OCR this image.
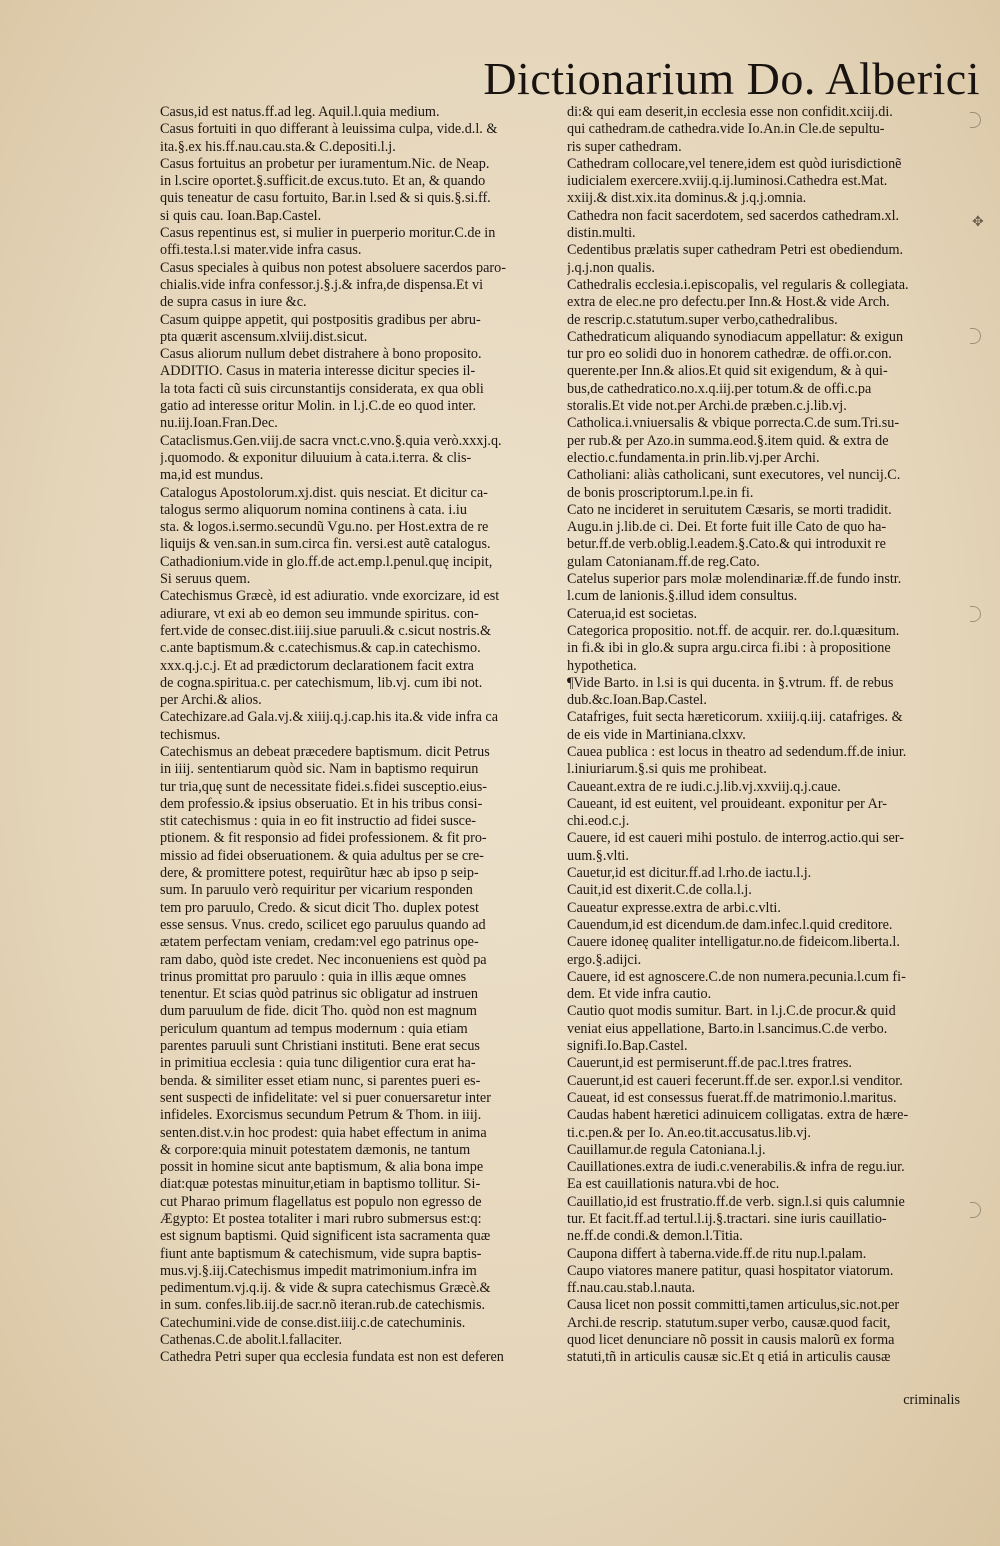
Dictionarium Do. Alberici
Casus,id est natus.ff.ad leg. Aquil.l.quia medium.
Casus fortuiti in quo differant à leuissima culpa, vide.d.l. &
ita.§.ex his.ff.nau.cau.sta.& C.depositi.l.j.
Casus fortuitus an probetur per iuramentum.Nic. de Neap.
in l.scire oportet.§.sufficit.de excus.tuto. Et an, & quando
quis teneatur de casu fortuito, Bar.in l.sed & si quis.§.si.ff.
si quis cau. Ioan.Bap.Castel.
Casus repentinus est, si mulier in puerperio moritur.C.de in
offi.testa.l.si mater.vide infra casus.
Casus speciales à quibus non potest absoluere sacerdos paro-
chialis.vide infra confessor.j.§.j.& infra,de dispensa.Et vi
de supra casus in iure &c.
Casum quippe appetit, qui postpositis gradibus per abru-
pta quærit ascensum.xlviij.dist.sicut.
Casus aliorum nullum debet distrahere à bono proposito.
ADDITIO. Casus in materia interesse dicitur species il-
la tota facti cũ suis circunstantijs considerata, ex qua obli
gatio ad interesse oritur Molin. in l.j.C.de eo quod inter.
nu.iij.Ioan.Fran.Dec.
Cataclismus.Gen.viij.de sacra vnct.c.vno.§.quia verò.xxxj.q.
j.quomodo. & exponitur diluuium à cata.i.terra. & clis-
ma,id est mundus.
Catalogus Apostolorum.xj.dist. quis nesciat. Et dicitur ca-
talogus sermo aliquorum nomina continens à cata. i.iu
sta. & logos.i.sermo.secundũ Vgu.no. per Host.extra de re
liquijs & ven.san.in sum.circa fin. versi.est autẽ catalogus.
Cathadionium.vide in glo.ff.de act.emp.l.penul.quę incipit,
Si seruus quem.
Catechismus Græcè, id est adiuratio. vnde exorcizare, id est
adiurare, vt exi ab eo demon seu immunde spiritus. con-
fert.vide de consec.dist.iiij.siue paruuli.& c.sicut nostris.&
c.ante baptismum.& c.catechismus.& cap.in catechismo.
xxx.q.j.c.j. Et ad prædictorum declarationem facit extra
de cogna.spiritua.c. per catechismum, lib.vj. cum ibi not.
per Archi.& alios.
Catechizare.ad Gala.vj.& xiiij.q.j.cap.his ita.& vide infra ca
techismus.
Catechismus an debeat præcedere baptismum. dicit Petrus
in iiij. sententiarum quòd sic. Nam in baptismo requirun
tur tria,quę sunt de necessitate fidei.s.fidei susceptio.eius-
dem professio.& ipsius obseruatio. Et in his tribus consi-
stit catechismus : quia in eo fit instructio ad fidei susce-
ptionem. & fit responsio ad fidei professionem. & fit pro-
missio ad fidei obseruationem. & quia adultus per se cre-
dere, & promittere potest, requirũtur hæc ab ipso p seip-
sum. In paruulo verò requiritur per vicarium responden
tem pro paruulo, Credo. & sicut dicit Tho. duplex potest
esse sensus. Vnus. credo, scilicet ego paruulus quando ad
ætatem perfectam veniam, credam:vel ego patrinus ope-
ram dabo, quòd iste credet. Nec inconueniens est quòd pa
trinus promittat pro paruulo : quia in illis æque omnes
tenentur. Et scias quòd patrinus sic obligatur ad instruen
dum paruulum de fide. dicit Tho. quòd non est magnum
periculum quantum ad tempus modernum : quia etiam
parentes paruuli sunt Christiani instituti. Bene erat secus
in primitiua ecclesia : quia tunc diligentior cura erat ha-
benda. & similiter esset etiam nunc, si parentes pueri es-
sent suspecti de infidelitate: vel si puer conuersaretur inter
infideles. Exorcismus secundum Petrum & Thom. in iiij.
senten.dist.v.in hoc prodest: quia habet effectum in anima
& corpore:quia minuit potestatem dæmonis, ne tantum
possit in homine sicut ante baptismum, & alia bona impe
diat:quæ potestas minuitur,etiam in baptismo tollitur. Si-
cut Pharao primum flagellatus est populo non egresso de
Ægypto: Et postea totaliter i mari rubro submersus est:q:
est signum baptismi. Quid significent ista sacramenta quæ
fiunt ante baptismum & catechismum, vide supra baptis-
mus.vj.§.iij.Catechismus impedit matrimonium.infra im
pedimentum.vj.q.ij. & vide & supra catechismus Græcè.&
in sum. confes.lib.iij.de sacr.nõ iteran.rub.de catechismis.
Catechumini.vide de conse.dist.iiij.c.de catechuminis.
Cathenas.C.de abolit.l.fallaciter.
Cathedra Petri super qua ecclesia fundata est non est deferen
di:& qui eam deserit,in ecclesia esse non confidit.xciij.di.
qui cathedram.de cathedra.vide Io.An.in Cle.de sepultu-
ris super cathedram.
Cathedram collocare,vel tenere,idem est quòd iurisdictionẽ
iudicialem exercere.xviij.q.ij.luminosi.Cathedra est.Mat.
xxiij.& dist.xix.ita dominus.& j.q.j.omnia.
Cathedra non facit sacerdotem, sed sacerdos cathedram.xl.
distin.multi.
Cedentibus prælatis super cathedram Petri est obediendum.
j.q.j.non qualis.
Cathedralis ecclesia.i.episcopalis, vel regularis & collegiata.
extra de elec.ne pro defectu.per Inn.& Host.& vide Arch.
de rescrip.c.statutum.super verbo,cathedralibus.
Cathedraticum aliquando synodiacum appellatur: & exigun
tur pro eo solidi duo in honorem cathedræ. de offi.or.con.
querente.per Inn.& alios.Et quid sit exigendum, & à qui-
bus,de cathedratico.no.x.q.iij.per totum.& de offi.c.pa
storalis.Et vide not.per Archi.de præben.c.j.lib.vj.
Catholica.i.vniuersalis & vbique porrecta.C.de sum.Tri.su-
per rub.& per Azo.in summa.eod.§.item quid. & extra de
electio.c.fundamenta.in prin.lib.vj.per Archi.
Catholiani: aliàs catholicani, sunt executores, vel nuncij.C.
de bonis proscriptorum.l.pe.in fi.
Cato ne incideret in seruitutem Cæsaris, se morti tradidit.
Augu.in j.lib.de ci. Dei. Et forte fuit ille Cato de quo ha-
betur.ff.de verb.oblig.l.eadem.§.Cato.& qui introduxit re
gulam Catonianam.ff.de reg.Cato.
Catelus superior pars molæ molendinariæ.ff.de fundo instr.
l.cum de lanionis.§.illud idem consultus.
Caterua,id est societas.
Categorica propositio. not.ff. de acquir. rer. do.l.quæsitum.
in fi.& ibi in glo.& supra argu.circa fi.ibi : à propositione
hypothetica.
¶Vide Barto. in l.si is qui ducenta. in §.vtrum. ff. de rebus
dub.&c.Ioan.Bap.Castel.
Catafriges, fuit secta hæreticorum. xxiiij.q.iij. catafriges. &
de eis vide in Martiniana.clxxv.
Cauea publica : est locus in theatro ad sedendum.ff.de iniur.
l.iniuriarum.§.si quis me prohibeat.
Caueant.extra de re iudi.c.j.lib.vj.xxviij.q.j.caue.
Caueant, id est euitent, vel prouideant. exponitur per Ar-
chi.eod.c.j.
Cauere, id est caueri mihi postulo. de interrog.actio.qui ser-
uum.§.vlti.
Cauetur,id est dicitur.ff.ad l.rho.de iactu.l.j.
Cauit,id est dixerit.C.de colla.l.j.
Caueatur expresse.extra de arbi.c.vlti.
Cauendum,id est dicendum.de dam.infec.l.quid creditore.
Cauere idoneę qualiter intelligatur.no.de fideicom.liberta.l.
ergo.§.adijci.
Cauere, id est agnoscere.C.de non numera.pecunia.l.cum fi-
dem. Et vide infra cautio.
Cautio quot modis sumitur. Bart. in l.j.C.de procur.& quid
veniat eius appellatione, Barto.in l.sancimus.C.de verbo.
signifi.Io.Bap.Castel.
Cauerunt,id est permiserunt.ff.de pac.l.tres fratres.
Cauerunt,id est caueri fecerunt.ff.de ser. expor.l.si venditor.
Caueat, id est consessus fuerat.ff.de matrimonio.l.maritus.
Caudas habent hæretici adinuicem colligatas. extra de hære-
ti.c.pen.& per Io. An.eo.tit.accusatus.lib.vj.
Cauillamur.de regula Catoniana.l.j.
Cauillationes.extra de iudi.c.venerabilis.& infra de regu.iur.
Ea est cauillationis natura.vbi de hoc.
Cauillatio,id est frustratio.ff.de verb. sign.l.si quis calumnie
tur. Et facit.ff.ad tertul.l.ij.§.tractari. sine iuris cauillatio-
ne.ff.de condi.& demon.l.Titia.
Caupona differt à taberna.vide.ff.de ritu nup.l.palam.
Caupo viatores manere patitur, quasi hospitator viatorum.
ff.nau.cau.stab.l.nauta.
Causa licet non possit committi,tamen articulus,sic.not.per
Archi.de rescrip. statutum.super verbo, causæ.quod facit,
quod licet denunciare nõ possit in causis malorũ ex forma
statuti,tñ in articulis causæ sic.Et q etiá in articulis causæ
criminalis
✥
